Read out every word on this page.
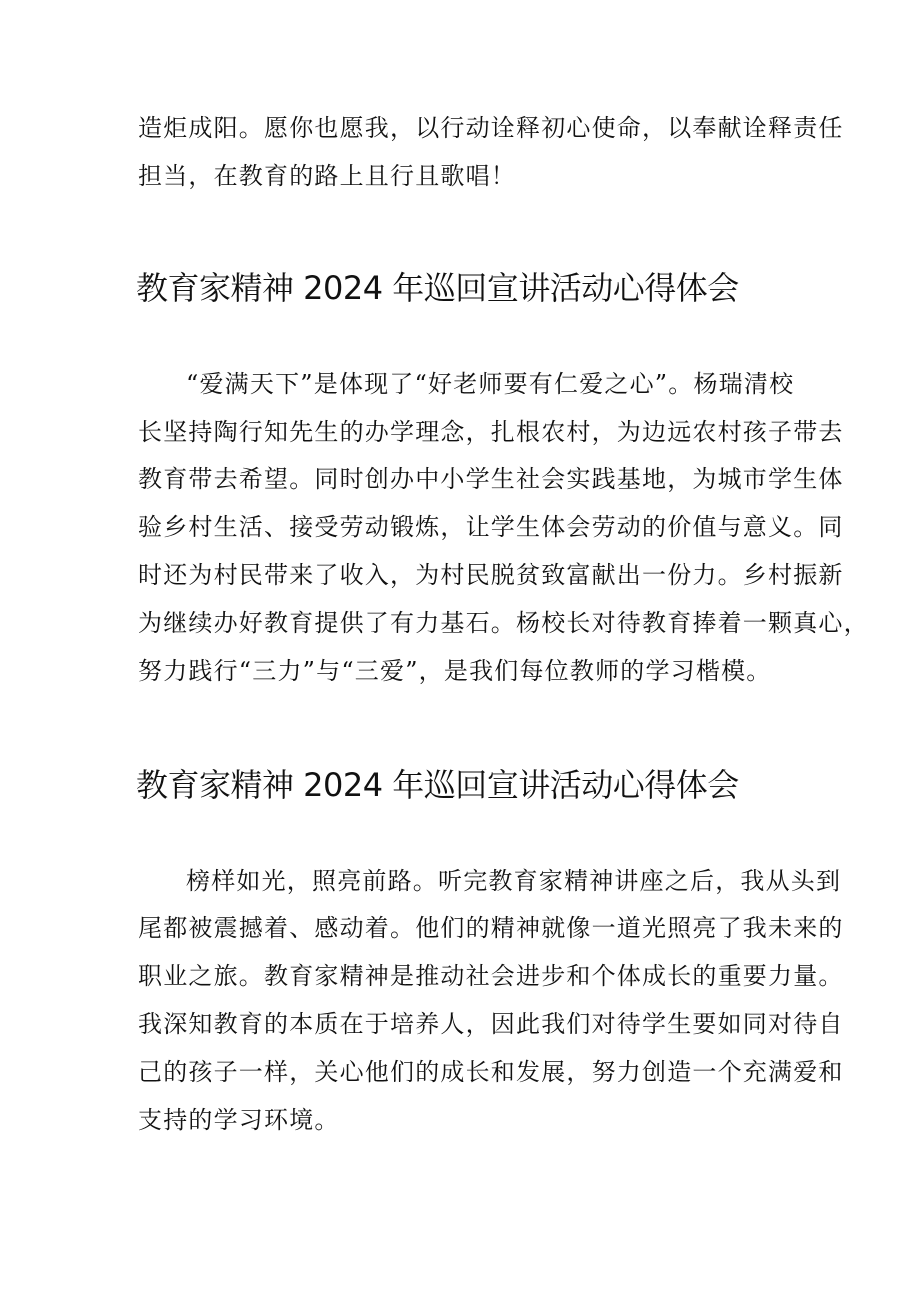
造炬成阳。愿你也愿我，以行动诠释初心使命，以奉献诠释责任
担当，在教育的路上且行且歌唱！
教育家精神 2024 年巡回宣讲活动心得体会
“爱满天下”是体现了“好老师要有仁爱之心”。杨瑞清校
长坚持陶行知先生的办学理念，扎根农村，为边远农村孩子带去
教育带去希望。同时创办中小学生社会实践基地，为城市学生体
验乡村生活、接受劳动锻炼，让学生体会劳动的价值与意义。同
时还为村民带来了收入，为村民脱贫致富献出一份力。乡村振新
为继续办好教育提供了有力基石。杨校长对待教育捧着一颗真心，
努力践行“三力”与“三爱”，是我们每位教师的学习楷模。
教育家精神 2024 年巡回宣讲活动心得体会
榜样如光，照亮前路。听完教育家精神讲座之后，我从头到
尾都被震撼着、感动着。他们的精神就像一道光照亮了我未来的
职业之旅。教育家精神是推动社会进步和个体成长的重要力量。
我深知教育的本质在于培养人，因此我们对待学生要如同对待自
己的孩子一样，关心他们的成长和发展，努力创造一个充满爱和
支持的学习环境。
